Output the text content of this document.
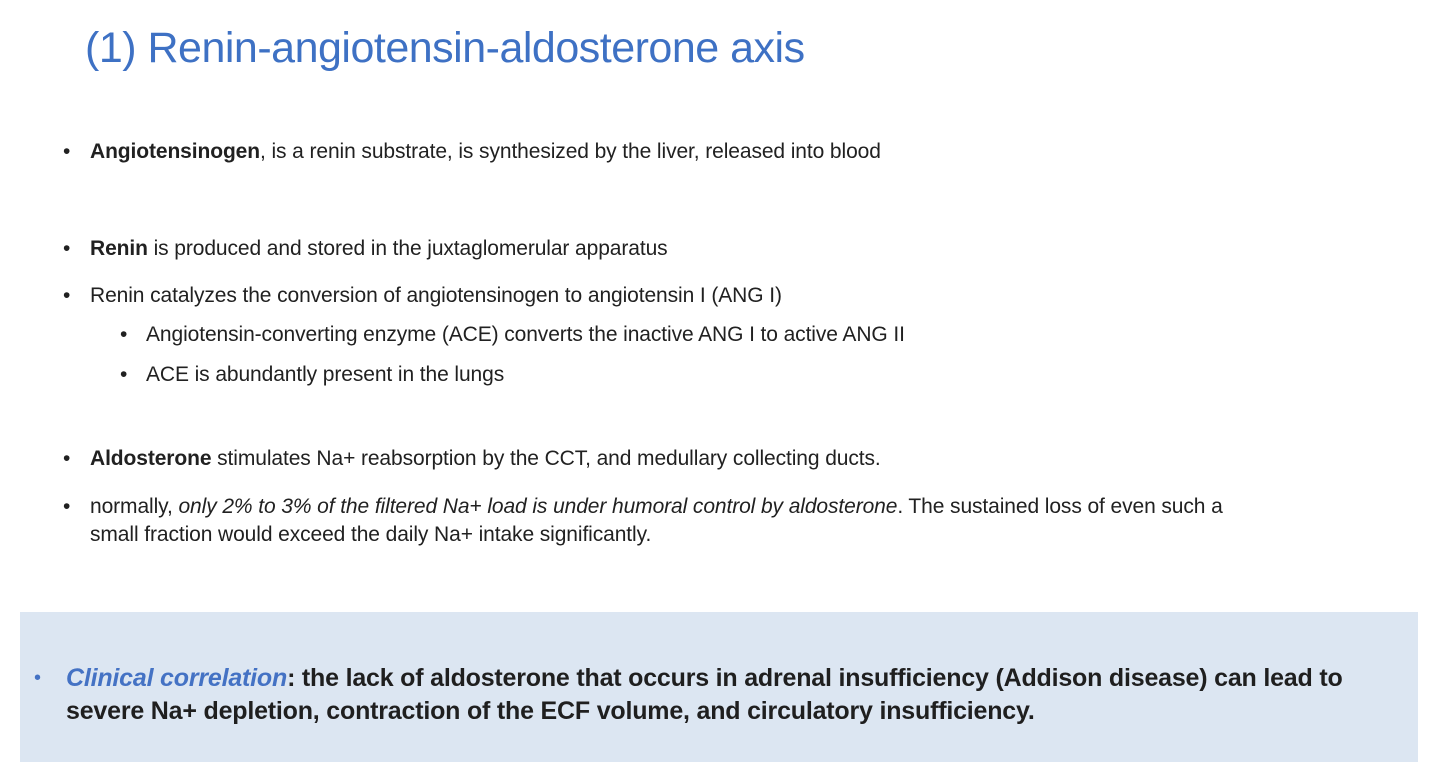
(1) Renin-angiotensin-aldosterone axis
• Angiotensinogen, is a renin substrate, is synthesized by the liver, released into blood

• Renin is produced and stored in the juxtaglomerular apparatus

• Renin catalyzes the conversion of angiotensinogen to angiotensin I (ANG I)

• Angiotensin-converting enzyme (ACE) converts the inactive ANG I to active ANG II

• ACE is abundantly present in the lungs

• Aldosterone stimulates Na+ reabsorption by the CCT, and medullary collecting ducts.

• normally, only 2% to 3% of the filtered Na+ load is under humoral control by aldosterone. The sustained loss of even such a small fraction would exceed the daily Na+ intake significantly.

•	Clinical correlation: the lack of aldosterone that occurs in adrenal insufficiency (Addison disease) can lead to severe Na+ depletion, contraction of the ECF volume, and circulatory insufficiency.
